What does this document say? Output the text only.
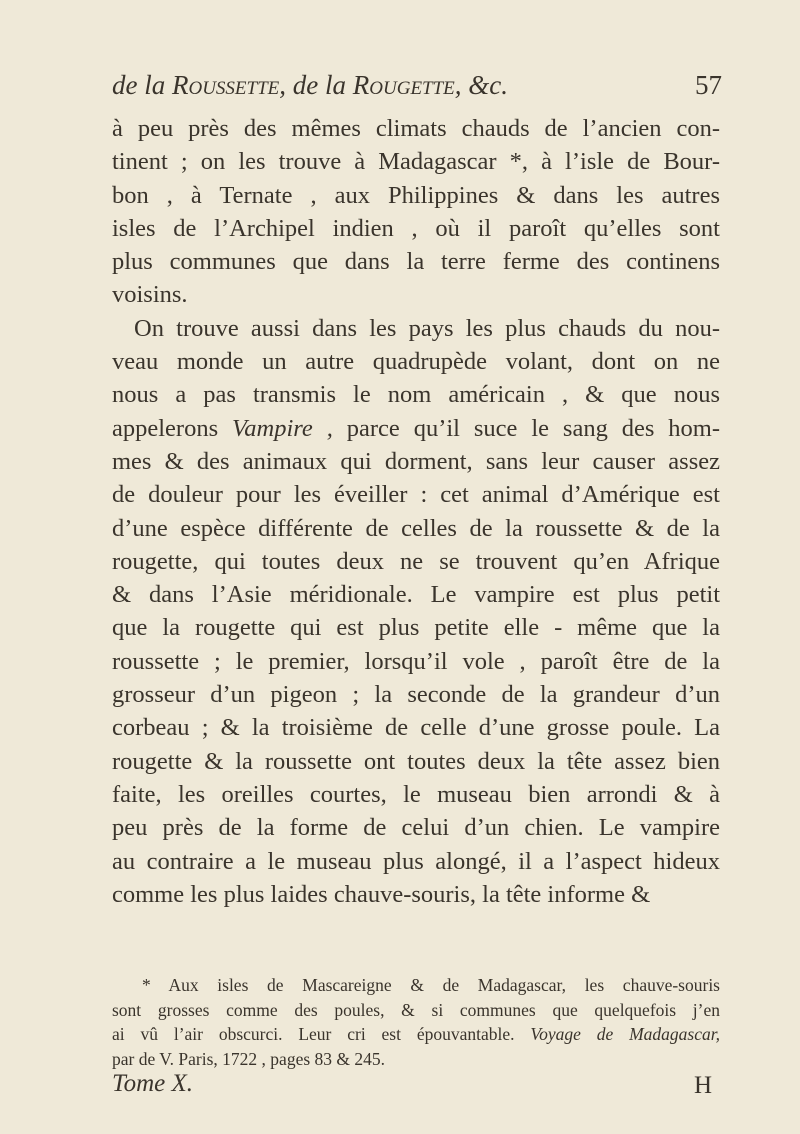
de la Roussette, de la Rougette, &c.	57
à peu près des mêmes climats chauds de l’ancien con-
tinent ; on les trouve à Madagascar *, à l’isle de Bour-
bon , à Ternate , aux Philippines & dans les autres
isles de l’Archipel indien , où il paroît qu’elles sont
plus communes que dans la terre ferme des continens
voisins.
On trouve aussi dans les pays les plus chauds du nou-
veau monde un autre quadrupède volant, dont on ne
nous a pas transmis le nom américain , & que nous
appelerons Vampire , parce qu’il suce le sang des hom-
mes & des animaux qui dorment, sans leur causer assez
de douleur pour les éveiller : cet animal d’Amérique est
d’une espèce différente de celles de la roussette & de la
rougette, qui toutes deux ne se trouvent qu’en Afrique
& dans l’Asie méridionale. Le vampire est plus petit
que la rougette qui est plus petite elle - même que la
roussette ; le premier, lorsqu’il vole , paroît être de la
grosseur d’un pigeon ; la seconde de la grandeur d’un
corbeau ; & la troisième de celle d’une grosse poule. La
rougette & la roussette ont toutes deux la tête assez bien
faite, les oreilles courtes, le museau bien arrondi & à
peu près de la forme de celui d’un chien. Le vampire
au contraire a le museau plus alongé, il a l’aspect hideux
comme les plus laides chauve-souris, la tête informe &
* Aux isles de Mascareigne & de Madagascar, les chauve-souris
sont grosses comme des poules, & si communes que quelquefois j’en
ai vû l’air obscurci. Leur cri est épouvantable. Voyage de Madagascar,
par de V. Paris, 1722 , pages 83 & 245.
Tome X.	H
